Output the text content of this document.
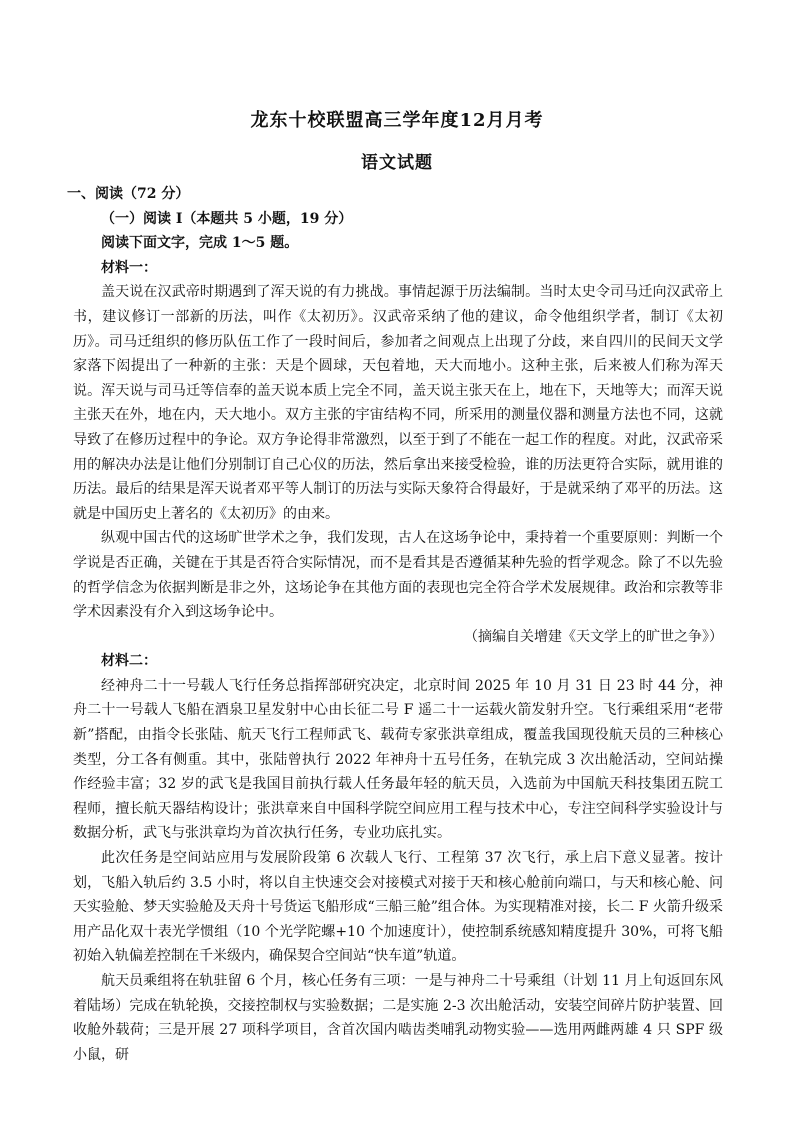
龙东十校联盟高三学年度12月月考
语文试题

一、阅读（72 分）

（一）阅读 I（本题共 5 小题，19 分）

阅读下面文字，完成 1～5 题。

材料一：

盖天说在汉武帝时期遇到了浑天说的有力挑战。事情起源于历法编制。当时太史令司马迁向汉武帝上书，建议修订一部新的历法，叫作《太初历》。汉武帝采纳了他的建议，命令他组织学者，制订《太初历》。司马迁组织的修历队伍工作了一段时间后，参加者之间观点上出现了分歧，来自四川的民间天文学家落下闳提出了一种新的主张：天是个圆球，天包着地，天大而地小。这种主张，后来被人们称为浑天说。浑天说与司马迁等信奉的盖天说本质上完全不同，盖天说主张天在上，地在下，天地等大；而浑天说主张天在外，地在内，天大地小。双方主张的宇宙结构不同，所采用的测量仪器和测量方法也不同，这就导致了在修历过程中的争论。双方争论得非常激烈，以至于到了不能在一起工作的程度。对此，汉武帝采用的解决办法是让他们分别制订自己心仪的历法，然后拿出来接受检验，谁的历法更符合实际，就用谁的历法。最后的结果是浑天说者邓平等人制订的历法与实际天象符合得最好，于是就采纳了邓平的历法。这就是中国历史上著名的《太初历》的由来。

纵观中国古代的这场旷世学术之争，我们发现，古人在这场争论中，秉持着一个重要原则：判断一个学说是否正确，关键在于其是否符合实际情况，而不是看其是否遵循某种先验的哲学观念。除了不以先验的哲学信念为依据判断是非之外，这场论争在其他方面的表现也完全符合学术发展规律。政治和宗教等非学术因素没有介入到这场争论中。

（摘编自关增建《天文学上的旷世之争》）

材料二：

经神舟二十一号载人飞行任务总指挥部研究决定，北京时间 2025 年 10 月 31 日 23 时 44 分，神舟二十一号载人飞船在酒泉卫星发射中心由长征二号 F 遥二十一运载火箭发射升空。飞行乘组采用“老带新”搭配，由指令长张陆、航天飞行工程师武飞、载荷专家张洪章组成，覆盖我国现役航天员的三种核心类型，分工各有侧重。其中，张陆曾执行 2022 年神舟十五号任务，在轨完成 3 次出舱活动，空间站操作经验丰富；32 岁的武飞是我国目前执行载人任务最年轻的航天员，入选前为中国航天科技集团五院工程师，擅长航天器结构设计；张洪章来自中国科学院空间应用工程与技术中心，专注空间科学实验设计与数据分析，武飞与张洪章均为首次执行任务，专业功底扎实。

此次任务是空间站应用与发展阶段第 6 次载人飞行、工程第 37 次飞行，承上启下意义显著。按计划，飞船入轨后约 3.5 小时，将以自主快速交会对接模式对接于天和核心舱前向端口，与天和核心舱、问天实验舱、梦天实验舱及天舟十号货运飞船形成“三船三舱”组合体。为实现精准对接，长二 F 火箭升级采用产品化双十表光学惯组（10 个光学陀螺+10 个加速度计），使控制系统感知精度提升 30%，可将飞船初始入轨偏差控制在千米级内，确保契合空间站“快车道”轨道。

航天员乘组将在轨驻留 6 个月，核心任务有三项：一是与神舟二十号乘组（计划 11 月上旬返回东风着陆场）完成在轨轮换，交接控制权与实验数据；二是实施 2-3 次出舱活动，安装空间碎片防护装置、回收舱外载荷；三是开展 27 项科学项目，含首次国内啮齿类哺乳动物实验——选用两雌两雄 4 只 SPF 级小鼠，研
